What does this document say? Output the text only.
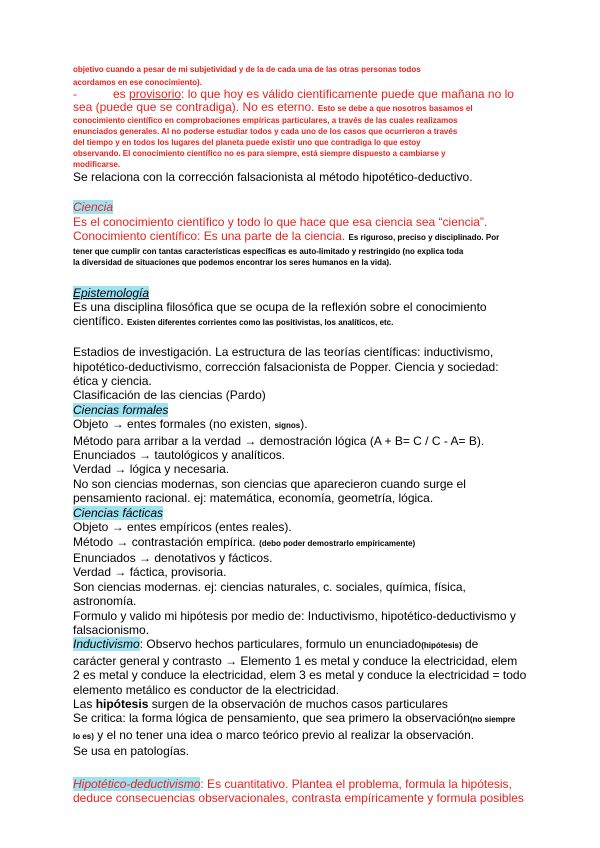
objetivo cuando a pesar de mi subjetividad y de la de cada una de las otras personas todos
acordamos en ese conocimiento).
-	es provisorio: lo que hoy es válido científicamente puede que mañana no lo
sea (puede que se contradiga). No es eterno. Esto se debe a que nosotros basamos el
conocimiento científico en comprobaciones empíricas particulares, a través de las cuales realizamos
enunciados generales. Al no poderse estudiar todos y cada uno de los casos que ocurrieron a través
del tiempo y en todos los lugares del planeta puede existir uno que contradiga lo que estoy
observando. El conocimiento científico no es para siempre, está siempre dispuesto a cambiarse y
modificarse.
Se relaciona con la corrección falsacionista al método hipotético-deductivo.
Ciencia
Es el conocimiento científico y todo lo que hace que esa ciencia sea “ciencia”.
Conocimiento científico: Es una parte de la ciencia. Es riguroso, preciso y disciplinado. Por
tener que cumplir con tantas características específicas es auto-limitado y restringido (no explica toda
la diversidad de situaciones que podemos encontrar los seres humanos en la vida).
Epistemología
Es una disciplina filosófica que se ocupa de la reflexión sobre el conocimiento
científico. Existen diferentes corrientes como las positivistas, los analíticos, etc.
Estadios de investigación. La estructura de las teorías científicas: inductivismo,
hipotético-deductivismo, corrección falsacionista de Popper. Ciencia y sociedad:
ética y ciencia.
Clasificación de las ciencias (Pardo)
Ciencias formales
Objeto → entes formales (no existen, signos).
Método para arribar a la verdad → demostración lógica (A + B= C / C - A= B).
Enunciados → tautológicos y analíticos.
Verdad → lógica y necesaria.
No son ciencias modernas, son ciencias que aparecieron cuando surge el
pensamiento racional. ej: matemática, economía, geometría, lógica.
Ciencias fácticas
Objeto → entes empíricos (entes reales).
Método → contrastación empírica. (debo poder demostrarlo empíricamente)
Enunciados → denotativos y fácticos.
Verdad → fáctica, provisoria.
Son ciencias modernas. ej: ciencias naturales, c. sociales, química, física,
astronomía.
Formulo y valido mi hipótesis por medio de: Inductivismo, hipotético-deductivismo y
falsacionismo.
Inductivismo: Observo hechos particulares, formulo un enunciado(hipótesis) de
carácter general y contrasto → Elemento 1 es metal y conduce la electricidad, elem
2 es metal y conduce la electricidad, elem 3 es metal y conduce la electricidad = todo
elemento metálico es conductor de la electricidad.
Las hipótesis surgen de la observación de muchos casos particulares
Se critica: la forma lógica de pensamiento, que sea primero la observación(no siempre
lo es) y el no tener una idea o marco teórico previo al realizar la observación.
Se usa en patologías.
Hipotético-deductivismo: Es cuantitativo. Plantea el problema, formula la hipótesis,
deduce consecuencias observacionales, contrasta empíricamente y formula posibles
